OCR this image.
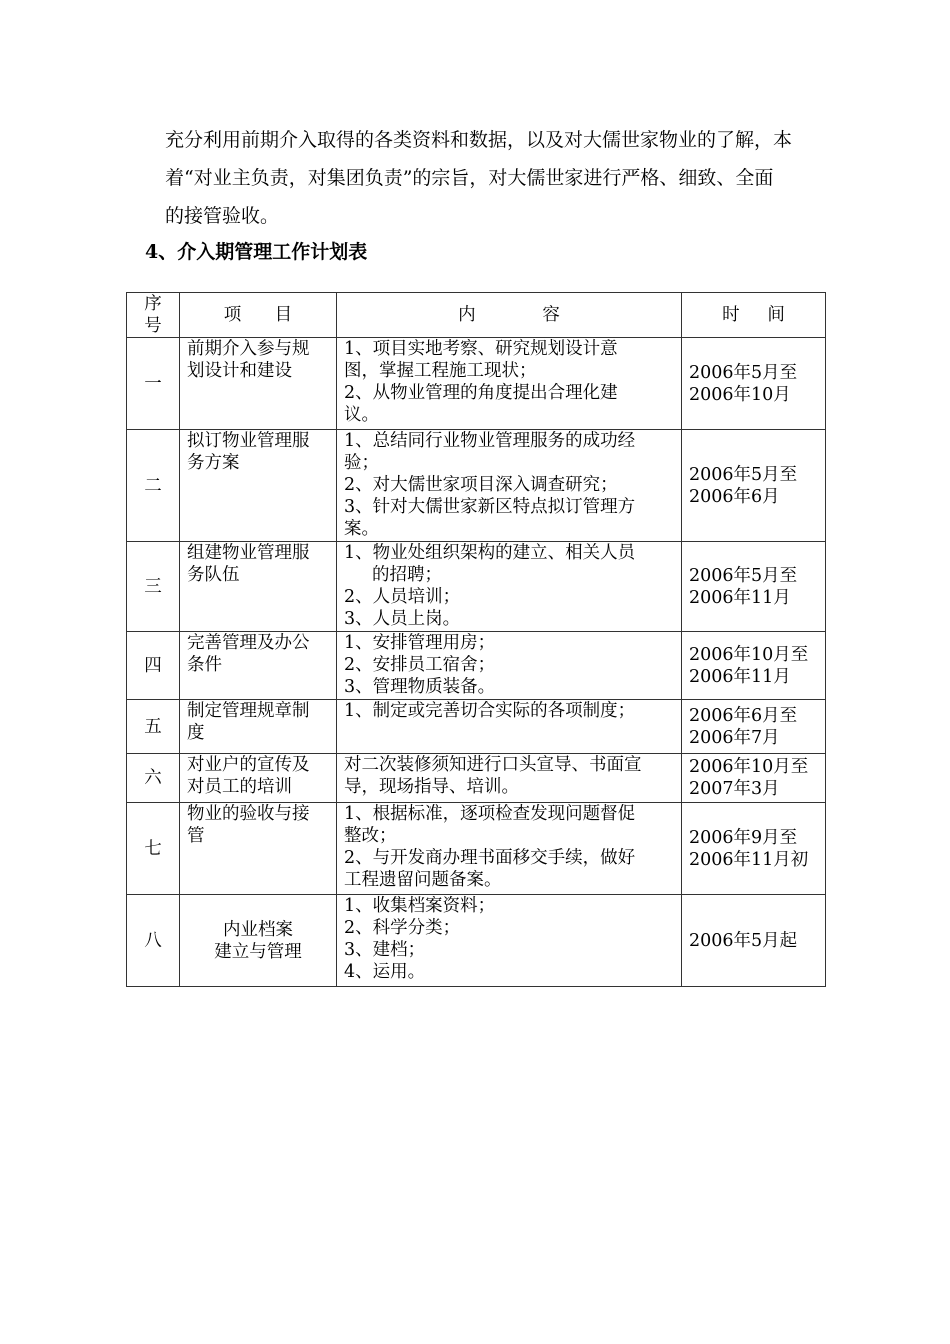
充分利用前期介入取得的各类资料和数据，以及对大儒世家物业的了解，本
着“对业主负责，对集团负责”的宗旨，对大儒世家进行严格、细致、全面
的接管验收。
4、介入期管理工作计划表
序
号	项      目	内            容	时     间
一	前期介入参与规
划设计和建设	1、项目实地考察、研究规划设计意
图，掌握工程施工现状；
2、从物业管理的角度提出合理化建
议。	2006年5月至
2006年10月

二	拟订物业管理服
务方案	1、总结同行业物业管理服务的成功经
验；
2、对大儒世家项目深入调查研究；
3、针对大儒世家新区特点拟订管理方
案。	2006年5月至
2006年6月

三	组建物业管理服
务队伍	1、物业处组织架构的建立、相关人员
的招聘；
2、人员培训；
3、人员上岗。	2006年5月至
2006年11月

四	完善管理及办公
条件	1、安排管理用房；
2、安排员工宿舍；
3、管理物质装备。	2006年10月至
2006年11月

五	制定管理规章制
度	1、制定或完善切合实际的各项制度；	2006年6月至
2006年7月

六	对业户的宣传及
对员工的培训	对二次装修须知进行口头宣导、书面宣
导，现场指导、培训。	2006年10月至
2007年3月

七	物业的验收与接
管	1、根据标准，逐项检查发现问题督促
整改；
2、与开发商办理书面移交手续，做好
工程遗留问题备案。	2006年9月至
2006年11月初

八	内业档案
建立与管理	1、收集档案资料；
2、科学分类；
3、建档；
4、运用。	2006年5月起
